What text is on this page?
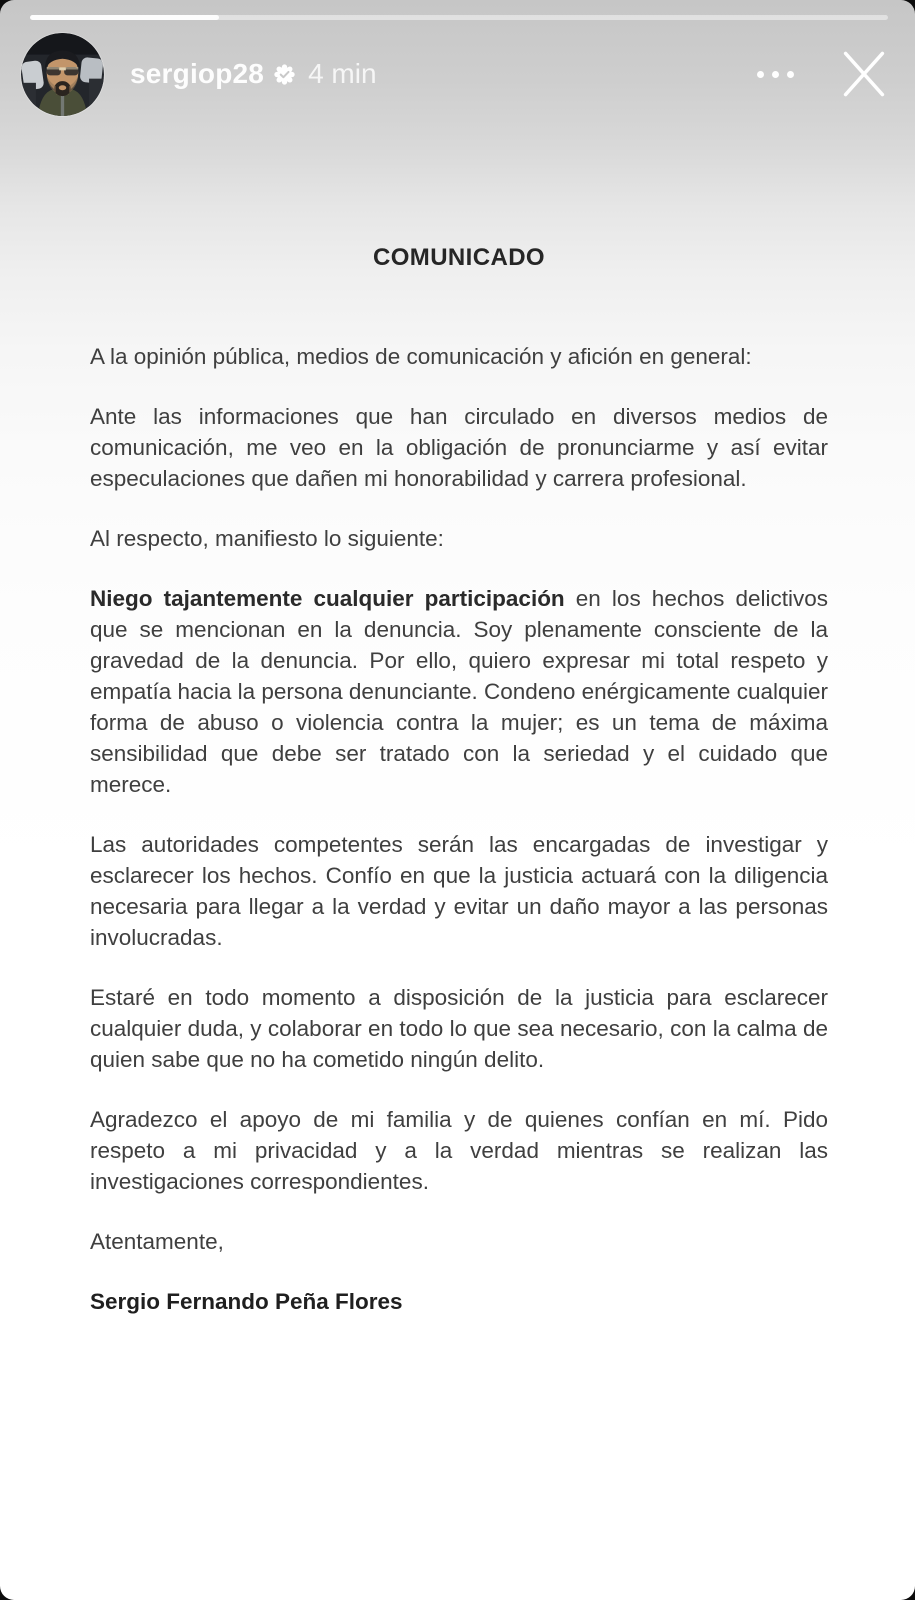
sergiop28 4 min
COMUNICADO

A la opinión pública, medios de comunicación y afición en general:

Ante las informaciones que han circulado en diversos medios de comunicación, me veo en la obligación de pronunciarme y así evitar especulaciones que dañen mi honorabilidad y carrera profesional.

Al respecto, manifiesto lo siguiente:

Niego tajantemente cualquier participación en los hechos delictivos que se mencionan en la denuncia. Soy plenamente consciente de la gravedad de la denuncia. Por ello, quiero expresar mi total respeto y empatía hacia la persona denunciante. Condeno enérgicamente cualquier forma de abuso o violencia contra la mujer; es un tema de máxima sensibilidad que debe ser tratado con la seriedad y el cuidado que merece.

Las autoridades competentes serán las encargadas de investigar y esclarecer los hechos. Confío en que la justicia actuará con la diligencia necesaria para llegar a la verdad y evitar un daño mayor a las personas involucradas.

Estaré en todo momento a disposición de la justicia para esclarecer cualquier duda, y colaborar en todo lo que sea necesario, con la calma de quien sabe que no ha cometido ningún delito.

Agradezco el apoyo de mi familia y de quienes confían en mí. Pido respeto a mi privacidad y a la verdad mientras se realizan las investigaciones correspondientes.

Atentamente,

Sergio Fernando Peña Flores
